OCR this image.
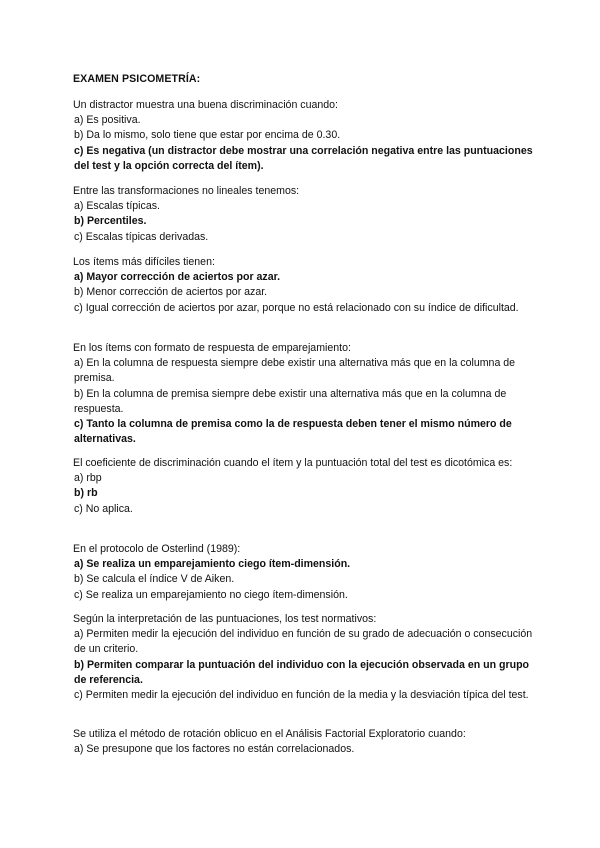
EXAMEN PSICOMETRÍA:
Un distractor muestra una buena discriminación cuando:
a) Es positiva.
b) Da lo mismo, solo tiene que estar por encima de 0.30.
c) Es negativa (un distractor debe mostrar una correlación negativa entre las puntuaciones del test y la opción correcta del ítem).
Entre las transformaciones no lineales tenemos:
a) Escalas típicas.
b) Percentiles.
c) Escalas típicas derivadas.
Los ítems más difíciles tienen:
a) Mayor corrección de aciertos por azar.
b) Menor corrección de aciertos por azar.
c) Igual corrección de aciertos por azar, porque no está relacionado con su índice de dificultad.
En los ítems con formato de respuesta de emparejamiento:
a) En la columna de respuesta siempre debe existir una alternativa más que en la columna de premisa.
b) En la columna de premisa siempre debe existir una alternativa más que en la columna de respuesta.
c) Tanto la columna de premisa como la de respuesta deben tener el mismo número de alternativas.
El coeficiente de discriminación cuando el ítem y la puntuación total del test es dicotómica es:
a) rbp
b) rb
c) No aplica.
En el protocolo de Osterlind (1989):
a) Se realiza un emparejamiento ciego ítem-dimensión.
b) Se calcula el índice V de Aiken.
c) Se realiza un emparejamiento no ciego ítem-dimensión.
Según la interpretación de las puntuaciones, los test normativos:
a) Permiten medir la ejecución del individuo en función de su grado de adecuación o consecución de un criterio.
b) Permiten comparar la puntuación del individuo con la ejecución observada en un grupo de referencia.
c) Permiten medir la ejecución del individuo en función de la media y la desviación típica del test.
Se utiliza el método de rotación oblicuo en el Análisis Factorial Exploratorio cuando:
a) Se presupone que los factores no están correlacionados.
